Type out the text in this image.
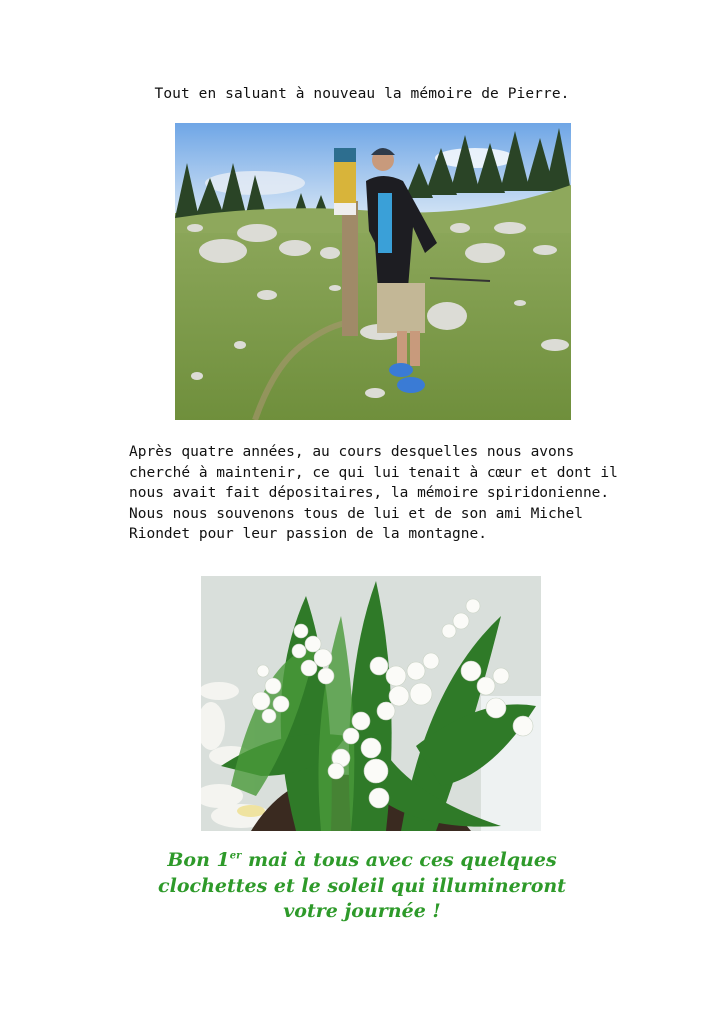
Tout en saluant à nouveau la mémoire de Pierre.
Après quatre années, au cours desquelles nous avons
cherché à maintenir, ce qui lui tenait à cœur et dont il
nous avait fait dépositaires, la mémoire spiridonienne.
Nous nous souvenons tous de lui et de son ami Michel
Riondet pour leur passion de la montagne.
Bon 1er mai à tous avec ces quelques
clochettes et le soleil qui illumineront
votre journée !
